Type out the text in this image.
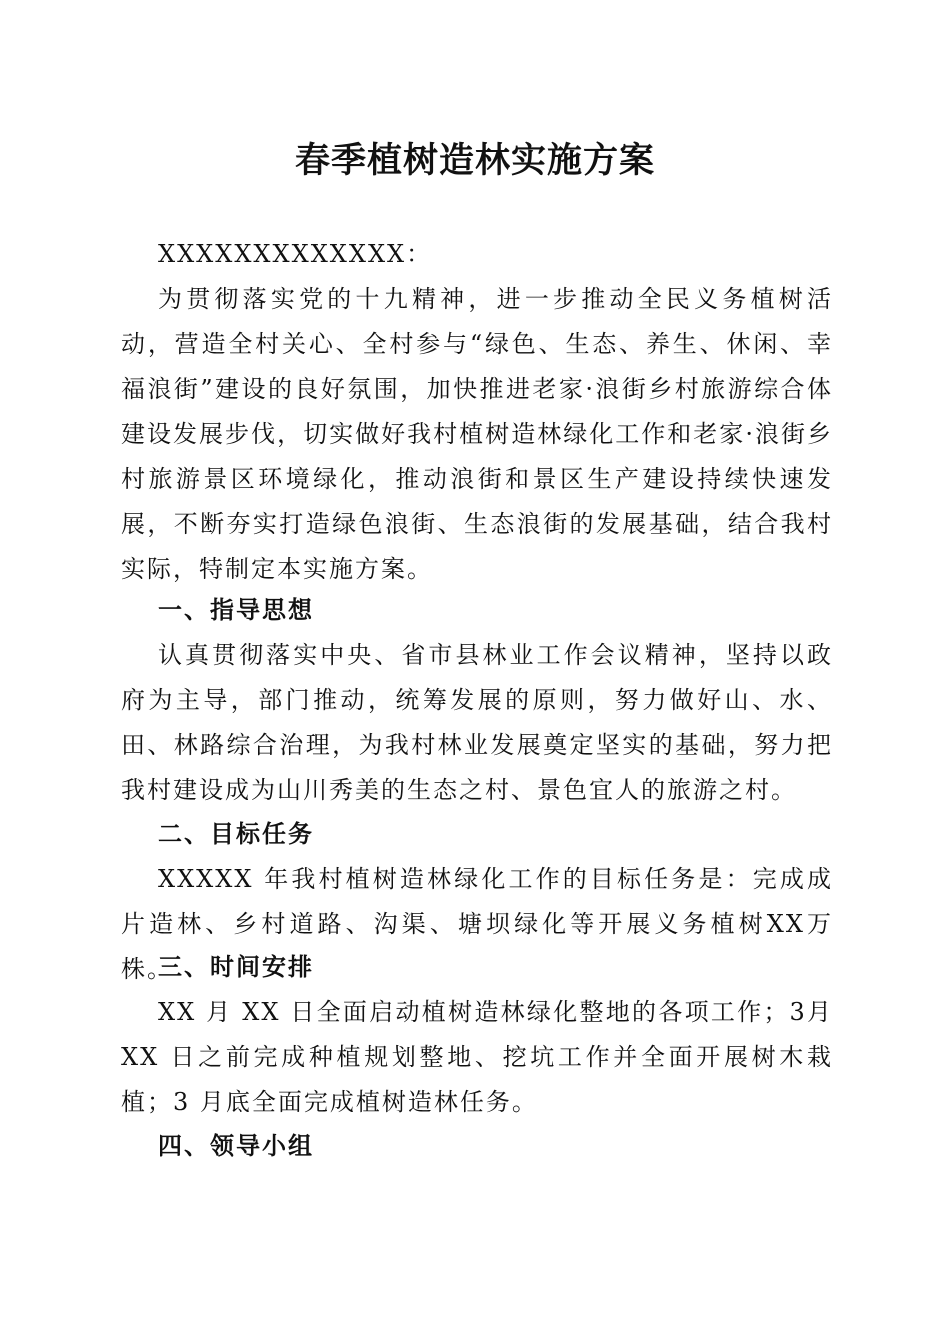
春季植树造林实施方案

XXXXXXXXXXXXX：

为贯彻落实党的十九精神，进一步推动全民义务植树活动，营造全村关心、全村参与“绿色、生态、养生、休闲、幸福浪街”建设的良好氛围，加快推进老家·浪街乡村旅游综合体建设发展步伐，切实做好我村植树造林绿化工作和老家·浪街乡村旅游景区环境绿化，推动浪街和景区生产建设持续快速发展，不断夯实打造绿色浪街、生态浪街的发展基础，结合我村实际，特制定本实施方案。

一、指导思想

认真贯彻落实中央、省市县林业工作会议精神，坚持以政府为主导，部门推动，统筹发展的原则，努力做好山、水、田、林路综合治理，为我村林业发展奠定坚实的基础，努力把我村建设成为山川秀美的生态之村、景色宜人的旅游之村。

二、目标任务

XXXXX 年我村植树造林绿化工作的目标任务是：完成成片造林、乡村道路、沟渠、塘坝绿化等开展义务植树XX万株。

三、时间安排

XX 月 XX 日全面启动植树造林绿化整地的各项工作；3月 XX 日之前完成种植规划整地、挖坑工作并全面开展树木栽植；3 月底全面完成植树造林任务。

四、领导小组
